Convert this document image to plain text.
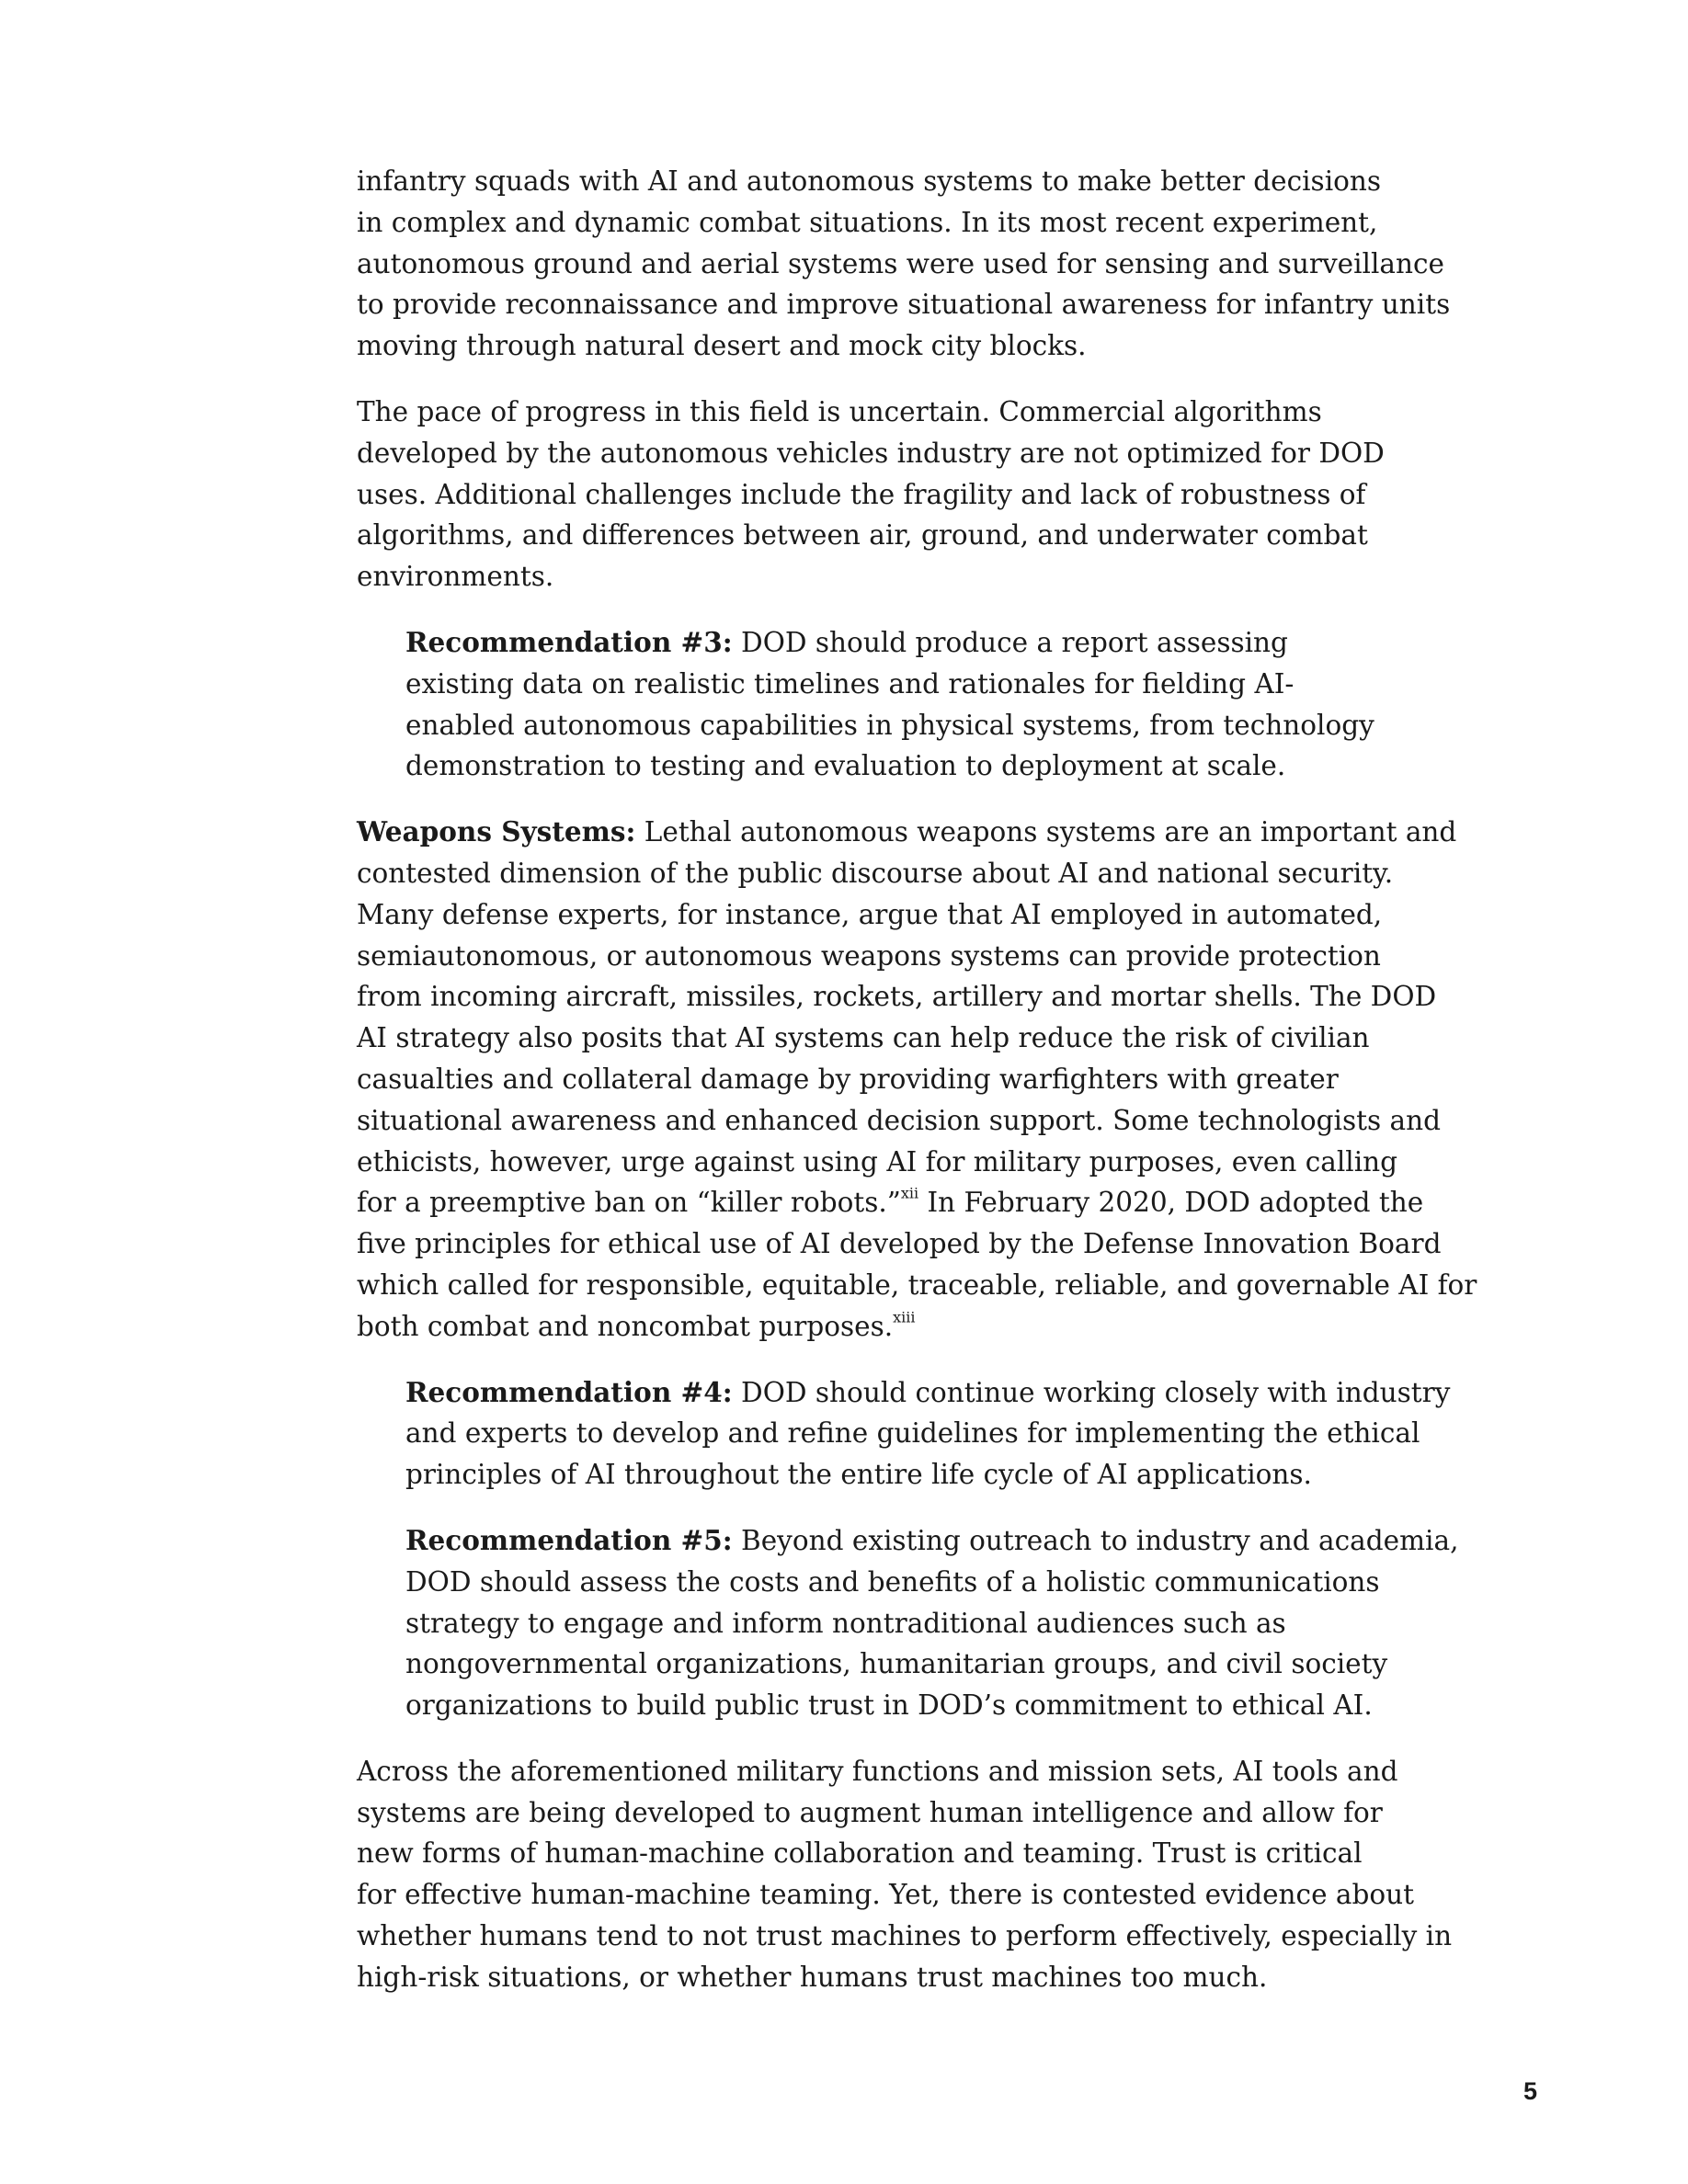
infantry squads with AI and autonomous systems to make better decisions
in complex and dynamic combat situations. In its most recent experiment,
autonomous ground and aerial systems were used for sensing and surveillance
to provide reconnaissance and improve situational awareness for infantry units
moving through natural desert and mock city blocks.

The pace of progress in this field is uncertain. Commercial algorithms
developed by the autonomous vehicles industry are not optimized for DOD
uses. Additional challenges include the fragility and lack of robustness of
algorithms, and differences between air, ground, and underwater combat
environments.

Recommendation #3: DOD should produce a report assessing
existing data on realistic timelines and rationales for fielding AI-
enabled autonomous capabilities in physical systems, from technology
demonstration to testing and evaluation to deployment at scale.

Weapons Systems: Lethal autonomous weapons systems are an important and
contested dimension of the public discourse about AI and national security.
Many defense experts, for instance, argue that AI employed in automated,
semiautonomous, or autonomous weapons systems can provide protection
from incoming aircraft, missiles, rockets, artillery and mortar shells. The DOD
AI strategy also posits that AI systems can help reduce the risk of civilian
casualties and collateral damage by providing warfighters with greater
situational awareness and enhanced decision support. Some technologists and
ethicists, however, urge against using AI for military purposes, even calling
for a preemptive ban on “killer robots.”$^{xii}$ In February 2020, DOD adopted the
five principles for ethical use of AI developed by the Defense Innovation Board
which called for responsible, equitable, traceable, reliable, and governable AI for
both combat and noncombat purposes.$^{xiii}$

Recommendation #4: DOD should continue working closely with industry
and experts to develop and refine guidelines for implementing the ethical
principles of AI throughout the entire life cycle of AI applications.

Recommendation #5: Beyond existing outreach to industry and academia,
DOD should assess the costs and benefits of a holistic communications
strategy to engage and inform nontraditional audiences such as
nongovernmental organizations, humanitarian groups, and civil society
organizations to build public trust in DOD’s commitment to ethical AI.

Across the aforementioned military functions and mission sets, AI tools and
systems are being developed to augment human intelligence and allow for
new forms of human-machine collaboration and teaming. Trust is critical
for effective human-machine teaming. Yet, there is contested evidence about
whether humans tend to not trust machines to perform effectively, especially in
high-risk situations, or whether humans trust machines too much.

5
